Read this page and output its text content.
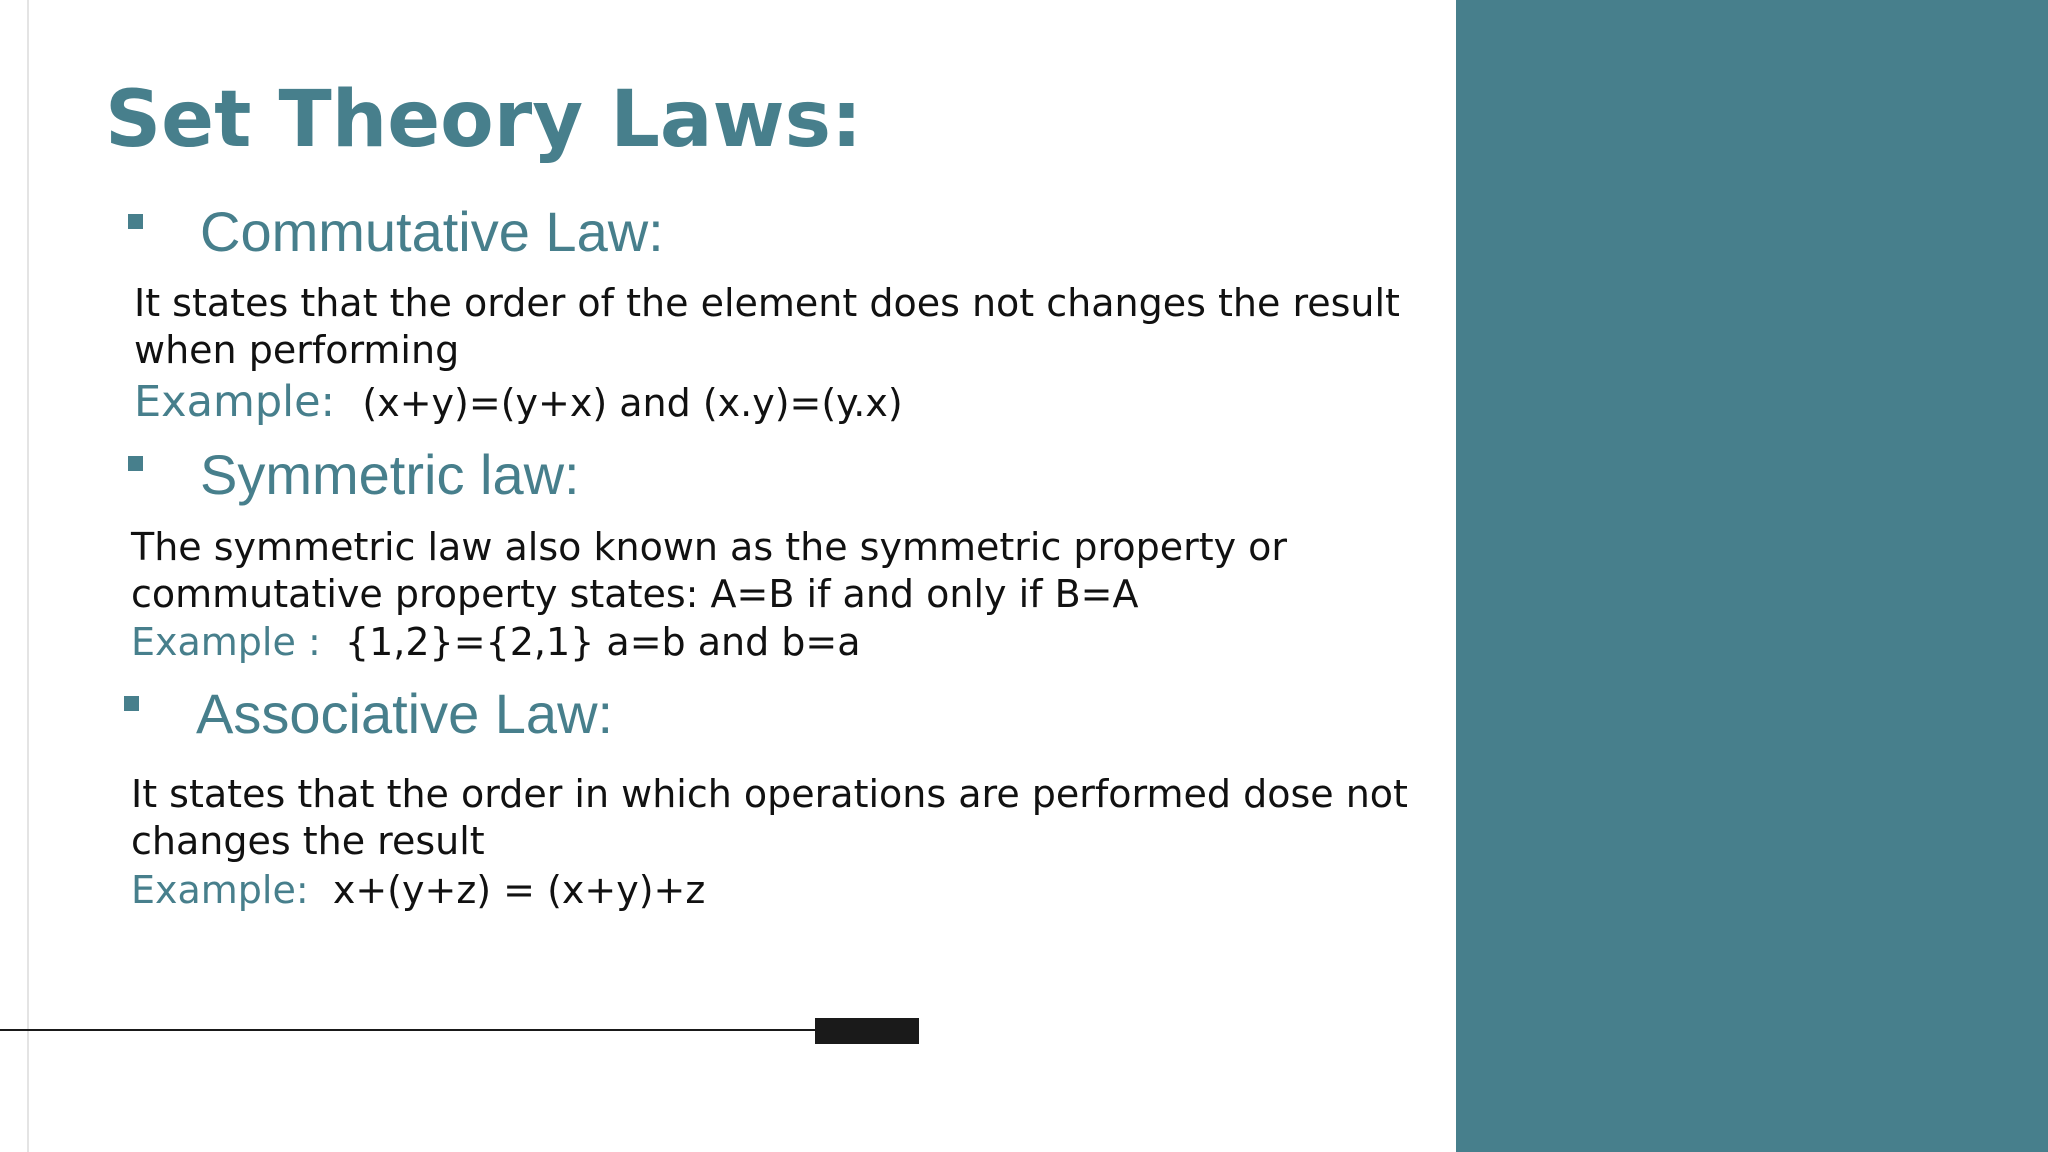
Set Theory Laws:
Commutative Law:

It states that the order of the element does not changes the result

when performing

Example: (x+y)=(y+x) and (x.y)=(y.x)

Symmetric law:

The symmetric law also known as the symmetric property or

commutative property states: A=B if and only if B=A

Example : {1,2}={2,1} a=b and b=a

Associative Law:

It states that the order in which operations are performed dose not

changes the result

Example: x+(y+z) = (x+y)+z
